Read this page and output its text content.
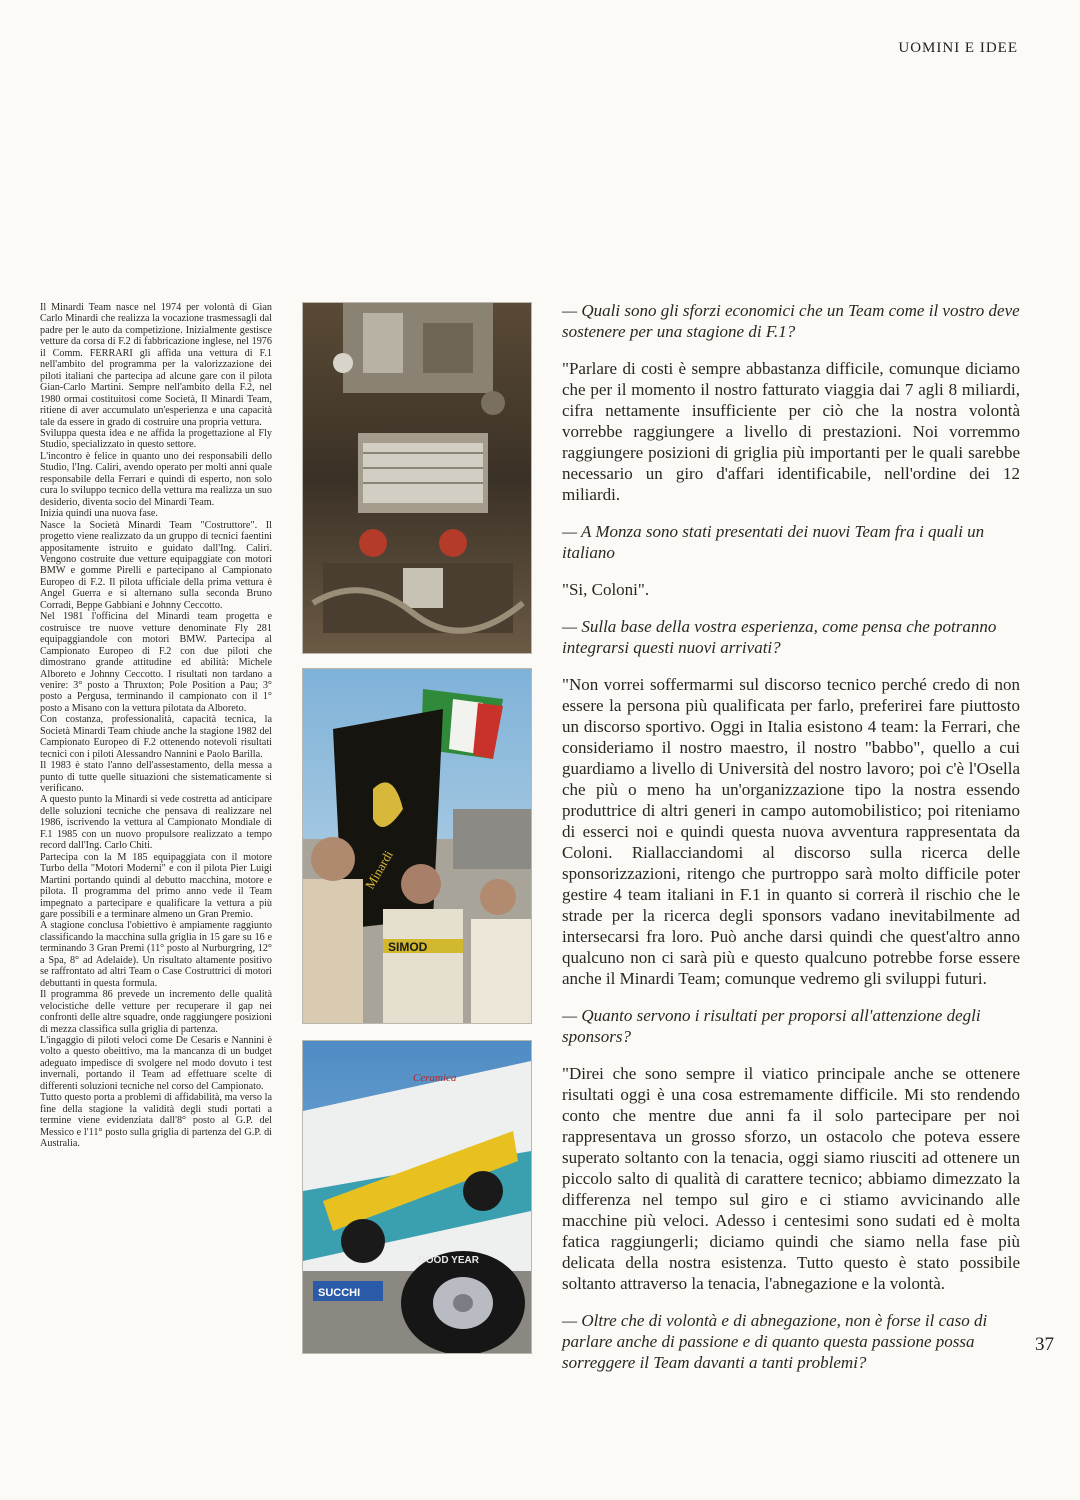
UOMINI E IDEE

Il Minardi Team nasce nel 1974 per volontà di Gian Carlo Minardi che realizza la vocazione trasmessagli dal padre per le auto da competizione. Inizialmente gestisce vetture da corsa di F.2 di fabbricazione inglese, nel 1976 il Comm. FERRARI gli affida una vettura di F.1 nell'ambito del programma per la valorizzazione dei piloti italiani che partecipa ad alcune gare con il pilota Gian-Carlo Martini. Sempre nell'ambito della F.2, nel 1980 ormai costituitosi come Società, Il Minardi Team, ritiene di aver accumulato un'esperienza e una capacità tale da essere in grado di costruire una propria vettura.

Sviluppa questa idea e ne affida la progettazione al Fly Studio, specializzato in questo settore.

L'incontro è felice in quanto uno dei responsabili dello Studio, l'Ing. Caliri, avendo operato per molti anni quale responsabile della Ferrari e quindi di esperto, non solo cura lo sviluppo tecnico della vettura ma realizza un suo desiderio, diventa socio del Minardi Team.

Inizia quindi una nuova fase.

Nasce la Società Minardi Team "Costruttore". Il progetto viene realizzato da un gruppo di tecnici faentini appositamente istruito e guidato dall'Ing. Caliri. Vengono costruite due vetture equipaggiate con motori BMW e gomme Pirelli e partecipano al Campionato Europeo di F.2. Il pilota ufficiale della prima vettura è Angel Guerra e si alternano sulla seconda Bruno Corradi, Beppe Gabbiani e Johnny Ceccotto.

Nel 1981 l'officina del Minardi team progetta e costruisce tre nuove vetture denominate Fly 281 equipaggiandole con motori BMW. Partecipa al Campionato Europeo di F.2 con due piloti che dimostrano grande attitudine ed abilità: Michele Alboreto e Johnny Ceccotto. I risultati non tardano a venire: 3° posto a Thruxton; Pole Position a Pau; 3° posto a Pergusa, terminando il campionato con il 1° posto a Misano con la vettura pilotata da Alboreto.

Con costanza, professionalità, capacità tecnica, la Società Minardi Team chiude anche la stagione 1982 del Campionato Europeo di F.2 ottenendo notevoli risultati tecnici con i piloti Alessandro Nannini e Paolo Barilla.

Il 1983 è stato l'anno dell'assestamento, della messa a punto di tutte quelle situazioni che sistematicamente si verificano.

A questo punto la Minardi si vede costretta ad anticipare delle soluzioni tecniche che pensava di realizzare nel 1986, iscrivendo la vettura al Campionato Mondiale di F.1 1985 con un nuovo propulsore realizzato a tempo record dall'Ing. Carlo Chiti.

Partecipa con la M 185 equipaggiata con il motore Turbo della "Motori Moderni" e con il pilota Pier Luigi Martini portando quindi al debutto macchina, motore e pilota. Il programma del primo anno vede il Team impegnato a partecipare e qualificare la vettura a più gare possibili e a terminare almeno un Gran Premio.

A stagione conclusa l'obiettivo è ampiamente raggiunto classificando la macchina sulla griglia in 15 gare su 16 e terminando 3 Gran Premi (11° posto al Nurburgring, 12° a Spa, 8° ad Adelaide). Un risultato altamente positivo se raffrontato ad altri Team o Case Costruttrici di motori debuttanti in questa formula.

Il programma 86 prevede un incremento delle qualità velocistiche delle vetture per recuperare il gap nei confronti delle altre squadre, onde raggiungere posizioni di mezza classifica sulla griglia di partenza.

L'ingaggio di piloti veloci come De Cesaris e Nannini è volto a questo obeittivo, ma la mancanza di un budget adeguato impedisce di svolgere nel modo dovuto i test invernali, portando il Team ad effettuare scelte di differenti soluzioni tecniche nel corso del Campionato.

Tutto questo porta a problemi di affidabilità, ma verso la fine della stagione la validità degli studi portati a termine viene evidenziata dall'8° posto al G.P. del Messico e l'11° posto sulla griglia di partenza del G.P. di Australia.

SIMOD
Minardi
Ceramica
SUCCHI
GOOD YEAR

— Quali sono gli sforzi economici che un Team come il vostro deve sostenere per una stagione di F.1?

"Parlare di costi è sempre abbastanza difficile, comunque diciamo che per il momento il nostro fatturato viaggia dai 7 agli 8 miliardi, cifra nettamente insufficiente per ciò che la nostra volontà vorrebbe raggiungere a livello di prestazioni. Noi vorremmo raggiungere posizioni di griglia più importanti per le quali sarebbe necessario un giro d'affari identificabile, nell'ordine dei 12 miliardi.

— A Monza sono stati presentati dei nuovi Team fra i quali un italiano

"Si, Coloni".

— Sulla base della vostra esperienza, come pensa che potranno integrarsi questi nuovi arrivati?

"Non vorrei soffermarmi sul discorso tecnico perché credo di non essere la persona più qualificata per farlo, preferirei fare piuttosto un discorso sportivo. Oggi in Italia esistono 4 team: la Ferrari, che consideriamo il nostro maestro, il nostro "babbo", quello a cui guardiamo a livello di Università del nostro lavoro; poi c'è l'Osella che più o meno ha un'organizzazione tipo la nostra essendo produttrice di altri generi in campo automobilistico; poi riteniamo di esserci noi e quindi questa nuova avventura rappresentata da Coloni. Riallacciandomi al discorso sulla ricerca delle sponsorizzazioni, ritengo che purtroppo sarà molto difficile poter gestire 4 team italiani in F.1 in quanto si correrà il rischio che le strade per la ricerca degli sponsors vadano inevitabilmente ad intersecarsi fra loro. Può anche darsi quindi che quest'altro anno qualcuno non ci sarà più e questo qualcuno potrebbe forse essere anche il Minardi Team; comunque vedremo gli sviluppi futuri.

— Quanto servono i risultati per proporsi all'attenzione degli sponsors?

"Direi che sono sempre il viatico principale anche se ottenere risultati oggi è una cosa estremamente difficile. Mi sto rendendo conto che mentre due anni fa il solo partecipare per noi rappresentava un grosso sforzo, un ostacolo che poteva essere superato soltanto con la tenacia, oggi siamo riusciti ad ottenere un piccolo salto di qualità di carattere tecnico; abbiamo dimezzato la differenza nel tempo sul giro e ci stiamo avvicinando alle macchine più veloci. Adesso i centesimi sono sudati ed è molta fatica raggiungerli; diciamo quindi che siamo nella fase più delicata della nostra esistenza. Tutto questo è stato possibile soltanto attraverso la tenacia, l'abnegazione e la volontà.

— Oltre che di volontà e di abnegazione, non è forse il caso di parlare anche di passione e di quanto questa passione possa sorreggere il Team davanti a tanti problemi?

37
